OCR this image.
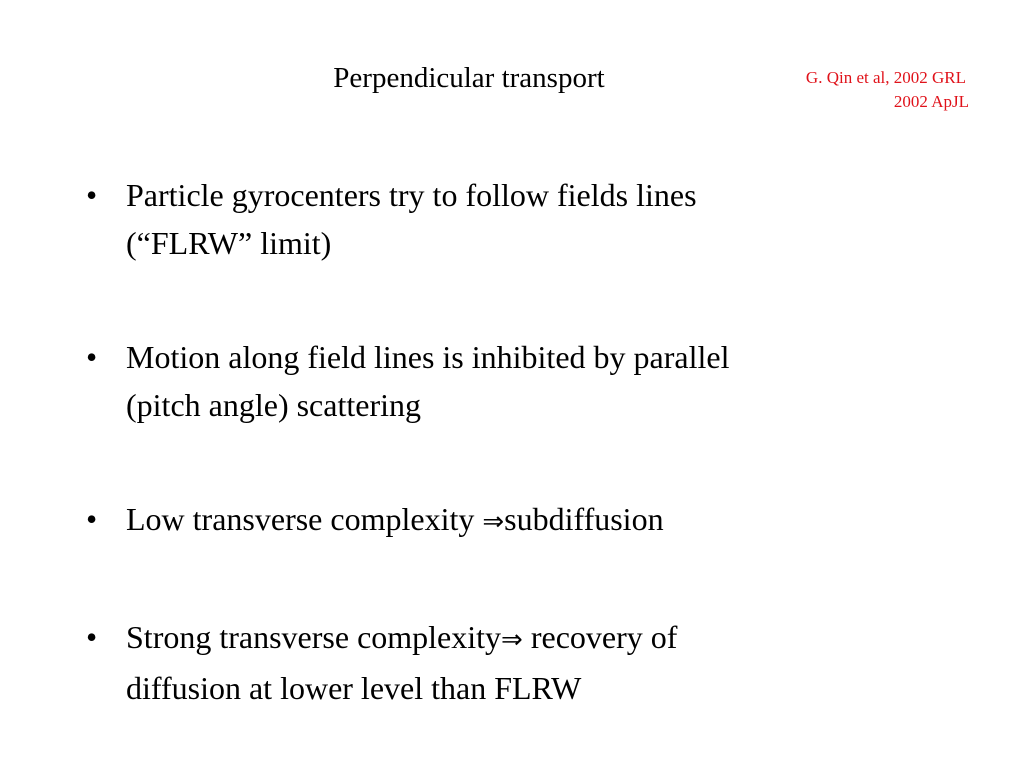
Perpendicular transport	G. Qin et al, 2002 GRL
2002 ApJL
• Particle gyrocenters try to follow fields lines
(“FLRW” limit)
• Motion along field lines is inhibited by parallel
(pitch angle) scattering
• Low transverse complexity ⇒subdiffusion
• Strong transverse complexity⇒ recovery of
diffusion at lower level than FLRW
